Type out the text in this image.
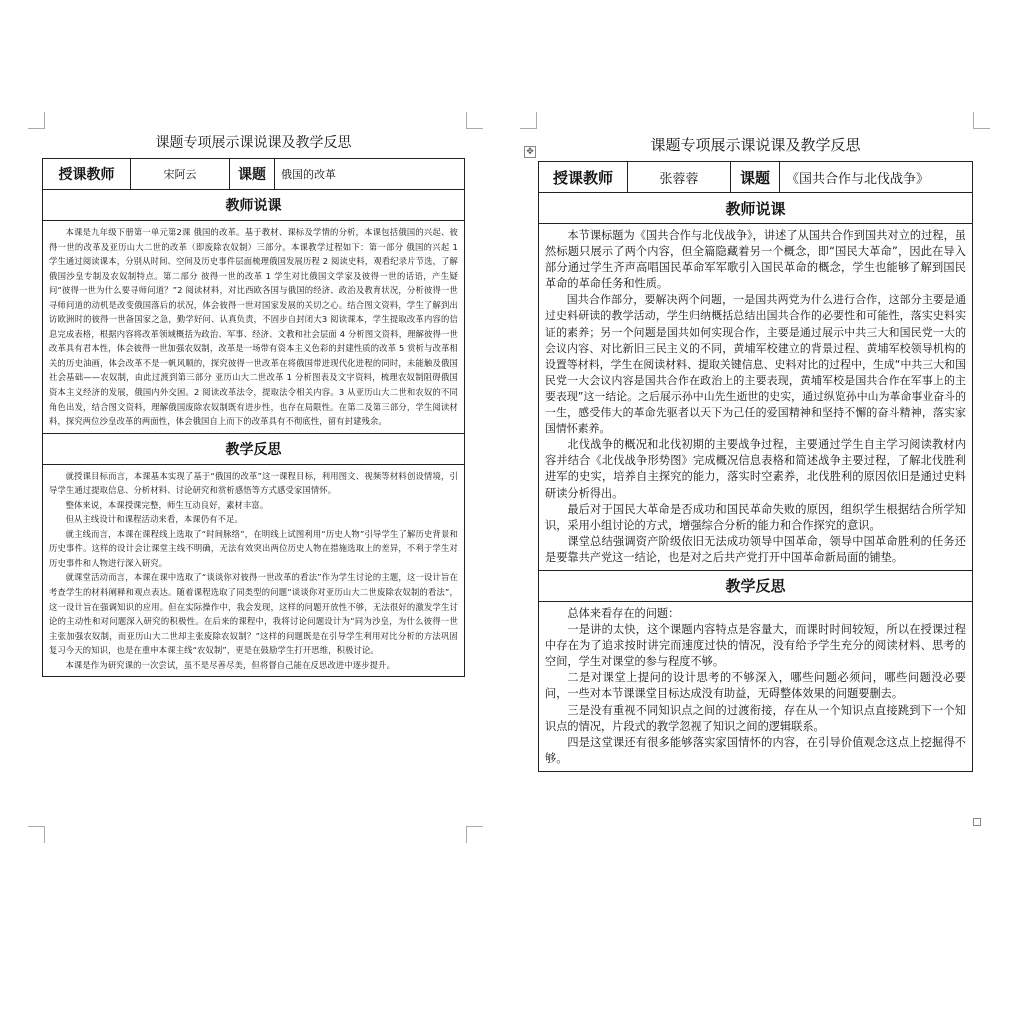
✥
课题专项展示课说课及教学反思
授课教师	宋阿云	课题	俄国的改革
教师说课

本课是九年级下册第一单元第2课 俄国的改革。基于教材、课标及学情的分析，本课包括俄国的兴起、彼得一世的改革及亚历山大二世的改革（即废除农奴制）三部分。本课教学过程如下：第一部分 俄国的兴起 1 学生通过阅读课本，分别从时间、空间及历史事件层面梳理俄国发展历程 2 阅读史料，观看纪录片节选，了解俄国沙皇专制及农奴制特点。第二部分 彼得一世的改革 1 学生对比俄国文学家及彼得一世的话语，产生疑问“彼得一世为什么要寻师问道？”2 阅读材料，对比西欧各国与俄国的经济、政治及教育状况，分析彼得一世寻师问道的动机是改变俄国落后的状况，体会彼得一世对国家发展的关切之心。结合图文资料，学生了解到出访欧洲时的彼得一世备国家之急，勤学好问、认真负责，不固步自封闭大3 阅读课本，学生提取改革内容的信息完成表格，根据内容将改革领域概括为政治、军事、经济、文教和社会层面 4 分析图文资料，理解彼得一世改革具有君本性，体会彼得一世加强农奴制，改革是一场带有资本主义色彩的封建性质的改革 5 赏析与改革相关的历史油画，体会改革不是一帆风顺的，探究彼得一世改革在将俄国带进现代化进程的同时，未能触及俄国社会基础——农奴制，由此过渡到第三部分 亚历山大二世改革 1 分析图表及文字资料，梳理农奴制阻碍俄国资本主义经济的发展，俄国内外交困。2 阅读改革法令，提取法令相关内容。3 从亚历山大二世和农奴的不同角色出发，结合图文资料，理解俄国废除农奴制既有进步性，也存在局限性。在第二及第三部分，学生阅读材料，探究两位沙皇改革的两面性，体会俄国自上而下的改革具有不彻底性，留有封建残余。

教学反思

就授课目标而言，本课基本实现了基于“俄国的改革”这一课程目标，利用图文、视频等材料创设情境，引导学生通过提取信息、分析材料、讨论研究和赏析感悟等方式感受家国情怀。

整体来说，本课授课完整，师生互动良好，素材丰富。

但从主线设计和课程活动来看，本课仍有不足。

就主线而言，本课在课程线上选取了“时间脉络”，在明线上试图利用“历史人物”引导学生了解历史背景和历史事件。这样的设计会让课堂主线不明确，无法有效突出两位历史人物在措施选取上的差异，不利于学生对历史事件和人物进行深入研究。

就课堂活动而言，本课在课中选取了“谈谈你对彼得一世改革的看法”作为学生讨论的主题，这一设计旨在考查学生的材料阐释和观点表达。随着课程选取了同类型的问题“谈谈你对亚历山大二世废除农奴制的看法”，这一设计旨在强调知识的应用。但在实际操作中，我会发现，这样的问题开放性不够，无法很好的激发学生讨论的主动性和对问题深入研究的积极性。在后来的课程中，我将讨论问题设计为“同为沙皇，为什么彼得一世主张加强农奴制，而亚历山大二世却主张废除农奴制？”这样的问题既是在引导学生利用对比分析的方法巩固复习今天的知识，也是在重申本课主线“农奴制”，更是在鼓励学生打开思维，积极讨论。

本课是作为研究课的一次尝试，虽不是尽善尽美，但将督自己能在反思改进中逐步提升。

课题专项展示课说课及教学反思
授课教师	张蓉蓉	课题	《国共合作与北伐战争》
教师说课

本节课标题为《国共合作与北伐战争》，讲述了从国共合作到国共对立的过程，虽然标题只展示了两个内容，但全篇隐藏着另一个概念，即“国民大革命”，因此在导入部分通过学生齐声高唱国民革命军军歌引入国民革命的概念，学生也能够了解到国民革命的革命任务和性质。

国共合作部分，要解决两个问题，一是国共两党为什么进行合作，这部分主要是通过史料研读的教学活动，学生归纳概括总结出国共合作的必要性和可能性，落实史料实证的素养；另一个问题是国共如何实现合作，主要是通过展示中共三大和国民党一大的会议内容、对比新旧三民主义的不同，黄埔军校建立的背景过程、黄埔军校领导机构的设置等材料，学生在阅读材料、提取关键信息、史料对比的过程中，生成“中共三大和国民党一大会议内容是国共合作在政治上的主要表现，黄埔军校是国共合作在军事上的主要表现”这一结论。之后展示孙中山先生逝世的史实，通过纵览孙中山为革命事业奋斗的一生，感受伟大的革命先驱者以天下为己任的爱国精神和坚持不懈的奋斗精神，落实家国情怀素养。

北伐战争的概况和北伐初期的主要战争过程，主要通过学生自主学习阅读教材内容并结合《北伐战争形势图》完成概况信息表格和简述战争主要过程，了解北伐胜利进军的史实，培养自主探究的能力，落实时空素养，北伐胜利的原因依旧是通过史料研读分析得出。

最后对于国民大革命是否成功和国民革命失败的原因，组织学生根据结合所学知识，采用小组讨论的方式，增强综合分析的能力和合作探究的意识。

课堂总结强调资产阶级依旧无法成功领导中国革命，领导中国革命胜利的任务还是要靠共产党这一结论，也是对之后共产党打开中国革命新局面的铺垫。

教学反思

总体来看存在的问题：

一是讲的太快，这个课题内容特点是容量大，而课时时间较短，所以在授课过程中存在为了追求按时讲完而速度过快的情况，没有给予学生充分的阅读材料、思考的空间，学生对课堂的参与程度不够。

二是对课堂上提问的设计思考的不够深入，哪些问题必须问，哪些问题没必要问，一些对本节课课堂目标达成没有助益，无碍整体效果的问题要删去。

三是没有重视不同知识点之间的过渡衔接，存在从一个知识点直接跳到下一个知识点的情况，片段式的教学忽视了知识之间的逻辑联系。

四是这堂课还有很多能够落实家国情怀的内容，在引导价值观念这点上挖掘得不够。
